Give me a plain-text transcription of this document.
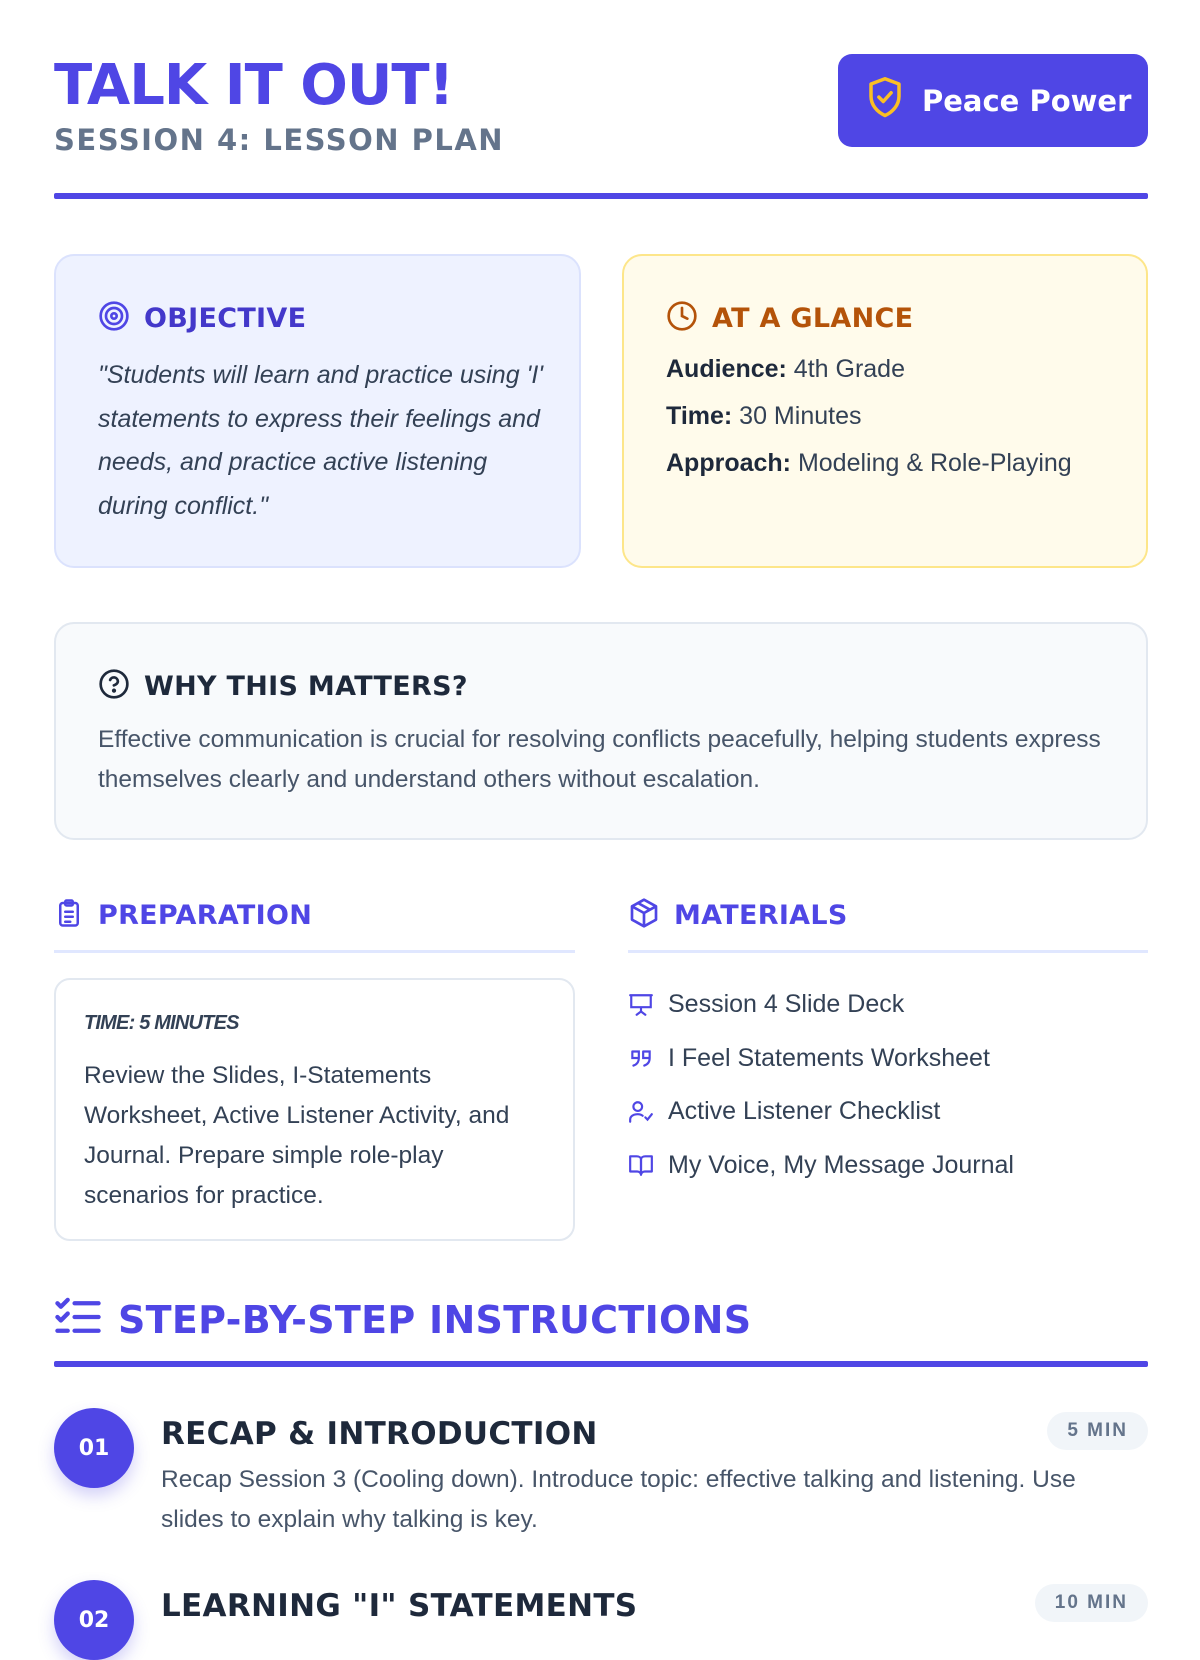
TALK IT OUT!
SESSION 4: LESSON PLAN
Peace Power
OBJECTIVE
"Students will learn and practice using 'I' statements to express their feelings and needs, and practice active listening during conflict."
AT A GLANCE
Audience: 4th Grade
Time: 30 Minutes
Approach: Modeling & Role-Playing
WHY THIS MATTERS?
Effective communication is crucial for resolving conflicts peacefully, helping students express themselves clearly and understand others without escalation.
PREPARATION
TIME: 5 MINUTES
Review the Slides, I-Statements Worksheet, Active Listener Activity, and Journal. Prepare simple role-play scenarios for practice.
MATERIALS
Session 4 Slide Deck
I Feel Statements Worksheet
Active Listener Checklist
My Voice, My Message Journal
STEP-BY-STEP INSTRUCTIONS
01	RECAP & INTRODUCTION	5 MIN
Recap Session 3 (Cooling down). Introduce topic: effective talking and listening. Use slides to explain why talking is key.
02	LEARNING "I" STATEMENTS	10 MIN
